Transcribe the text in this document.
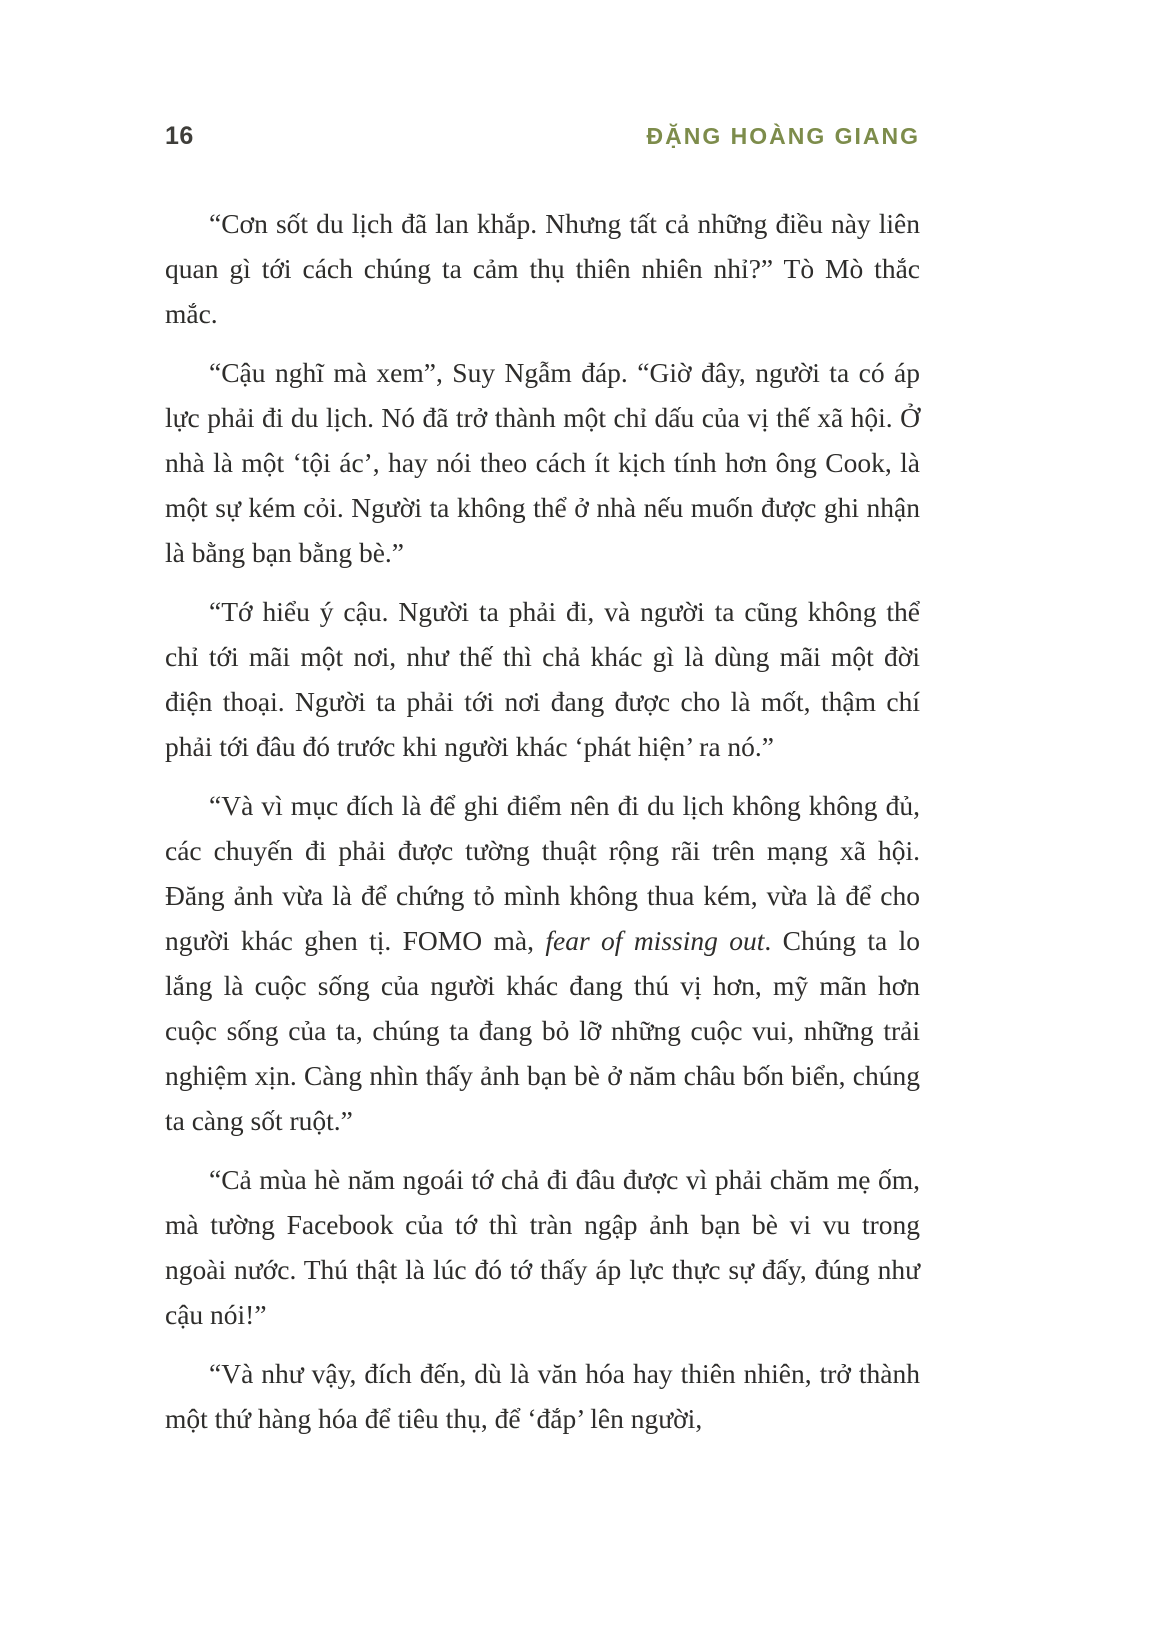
16	ĐẶNG HOÀNG GIANG

“Cơn sốt du lịch đã lan khắp. Nhưng tất cả những điều này liên quan gì tới cách chúng ta cảm thụ thiên nhiên nhỉ?” Tò Mò thắc mắc.

“Cậu nghĩ mà xem”, Suy Ngẫm đáp. “Giờ đây, người ta có áp lực phải đi du lịch. Nó đã trở thành một chỉ dấu của vị thế xã hội. Ở nhà là một ‘tội ác’, hay nói theo cách ít kịch tính hơn ông Cook, là một sự kém cỏi. Người ta không thể ở nhà nếu muốn được ghi nhận là bằng bạn bằng bè.”

“Tớ hiểu ý cậu. Người ta phải đi, và người ta cũng không thể chỉ tới mãi một nơi, như thế thì chả khác gì là dùng mãi một đời điện thoại. Người ta phải tới nơi đang được cho là mốt, thậm chí phải tới đâu đó trước khi người khác ‘phát hiện’ ra nó.”

“Và vì mục đích là để ghi điểm nên đi du lịch không không đủ, các chuyến đi phải được tường thuật rộng rãi trên mạng xã hội. Đăng ảnh vừa là để chứng tỏ mình không thua kém, vừa là để cho người khác ghen tị. FOMO mà, fear of missing out. Chúng ta lo lắng là cuộc sống của người khác đang thú vị hơn, mỹ mãn hơn cuộc sống của ta, chúng ta đang bỏ lỡ những cuộc vui, những trải nghiệm xịn. Càng nhìn thấy ảnh bạn bè ở năm châu bốn biển, chúng ta càng sốt ruột.”

“Cả mùa hè năm ngoái tớ chả đi đâu được vì phải chăm mẹ ốm, mà tường Facebook của tớ thì tràn ngập ảnh bạn bè vi vu trong ngoài nước. Thú thật là lúc đó tớ thấy áp lực thực sự đấy, đúng như cậu nói!”

“Và như vậy, đích đến, dù là văn hóa hay thiên nhiên, trở thành một thứ hàng hóa để tiêu thụ, để ‘đắp’ lên người,
